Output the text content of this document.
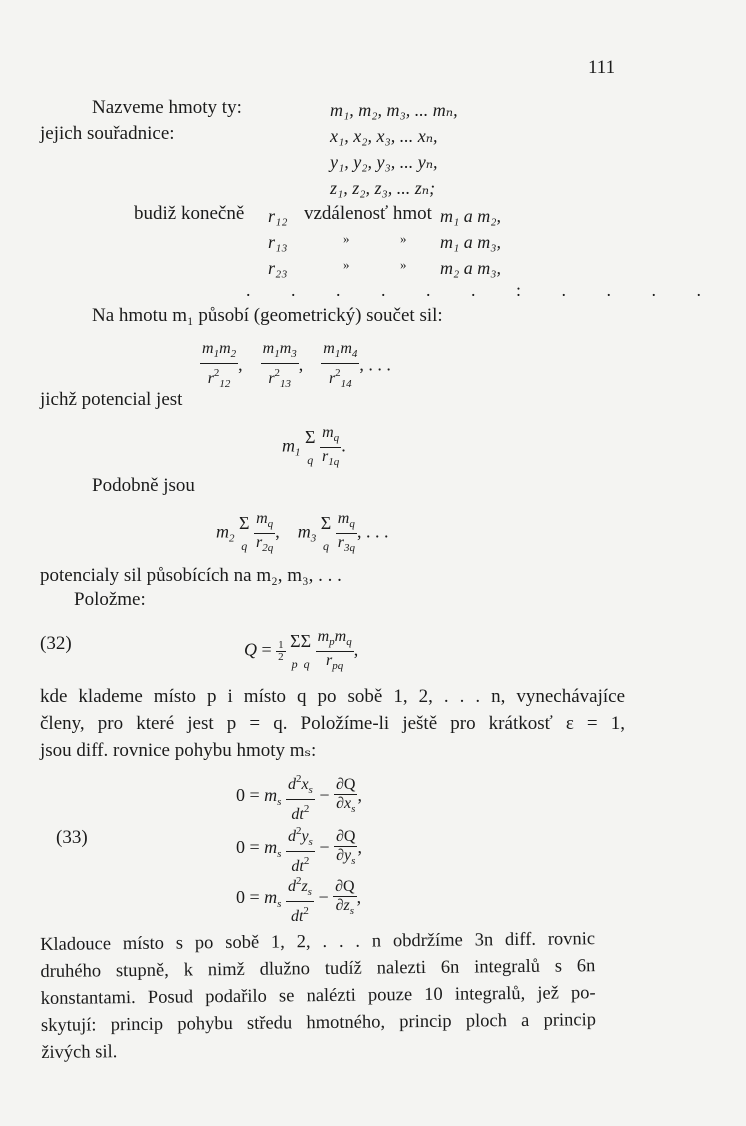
111
Nazveme hmoty ty:
jejich souřadnice:
m₁, m₂, m₃, ... mₙ,
x₁, x₂, x₃, ... xₙ,
y₁, y₂, y₃, ... yₙ,
z₁, z₂, z₃, ... zₙ;
budiž konečně r₁₂ vzdálenosť hmot m₁ a m₂,
r₁₃	»	» m₁ a m₃,
r₂₃	»	» m₂ a m₃,
. . . . . . : . . . .
Na hmotu m₁ působí (geometrický) součet sil:
$\frac{m_1m_2}{r^2_{12}}$ , $\frac{m_1m_3}{r^2_{13}}$ , $\frac{m_1m_4}{r^2_{14}}$ , . . .
jichž potencial jest
$m_1$ Σ
q $\frac{m_q}{r_{1q}}$ .
Podobně jsou
$m_2$ Σ
q $\frac{m_q}{r_{2q}}$ ,    $m_3$ Σ
q $\frac{m_q}{r_{3q}}$ , . . .
potencialy sil působících na m₂, m₃, . . .
Položme:
(32)	$Q = \frac{1}{2}$ ΣΣ
p  q $\frac{m_pm_q}{r_{pq}}$ ,
kde klademe místo p i místo q po sobě 1, 2, . . . n, vynechávajíce
členy, pro které jest p = q. Položíme-li ještě pro krátkosť ε = 1,
jsou diff. rovnice pohybu hmoty mₛ:
(33)
$0 = m_s \frac{d^2x_s}{dt^2} - \frac{\partial Q}{\partial x_s}$ ,
$0 = m_s \frac{d^2y_s}{dt^2} - \frac{\partial Q}{\partial y_s}$ ,
$0 = m_s \frac{d^2z_s}{dt^2} - \frac{\partial Q}{\partial z_s}$ ,
Kladouce místo s po sobě 1, 2, . . . n obdržíme 3n diff. rovnic
druhého stupně, k nimž dlužno tudíž nalezti 6n integralů s 6n
konstantami. Posud podařilo se nalézti pouze 10 integralů, jež po-
skytují: princip pohybu středu hmotného, princip ploch a princip
živých sil.
